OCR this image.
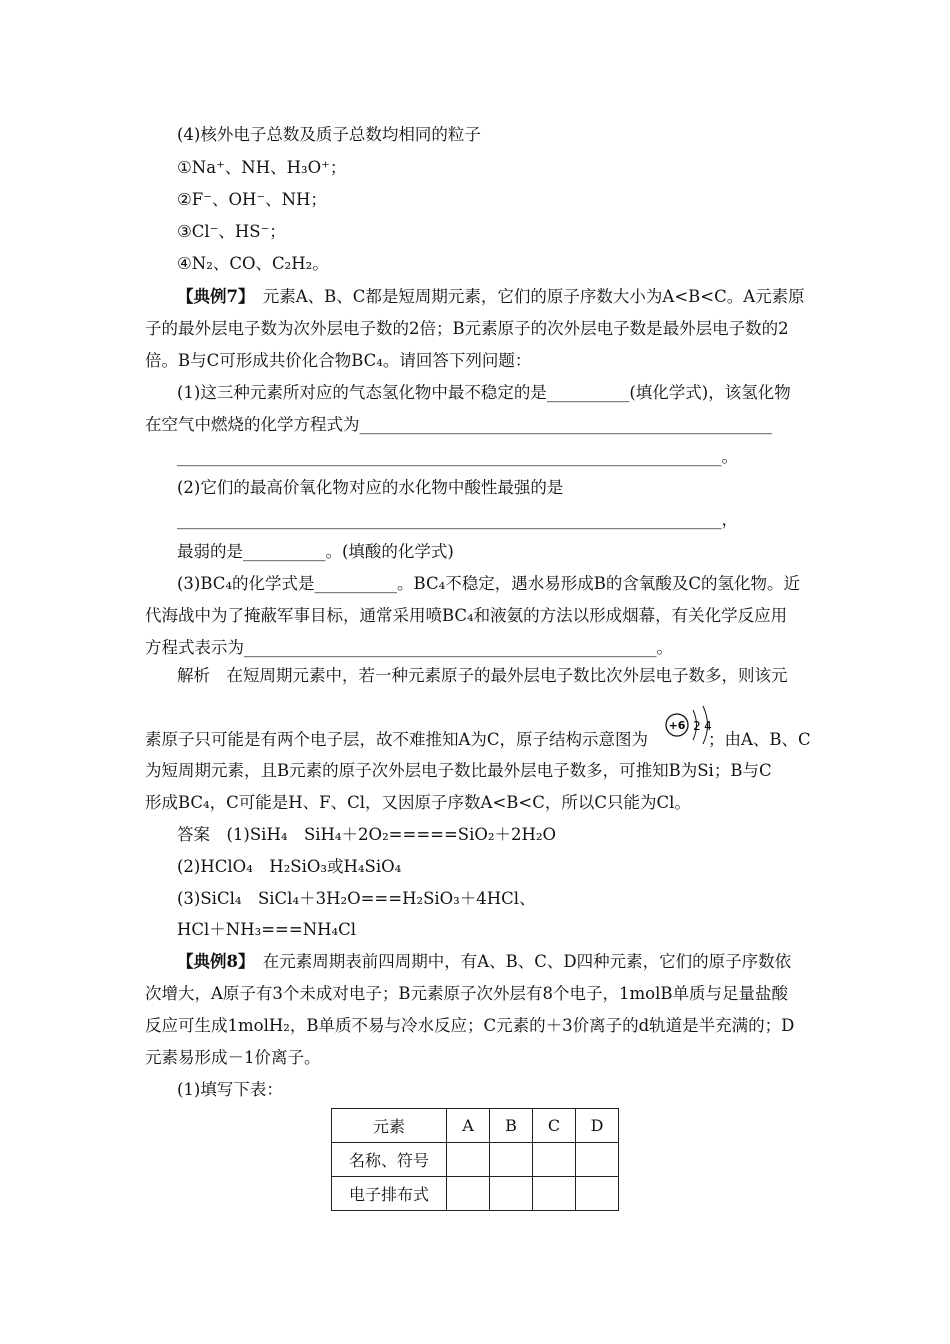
(4)核外电子总数及质子总数均相同的粒子
①Na⁺、NH、H₃O⁺；
②F⁻、OH⁻、NH；
③Cl⁻、HS⁻；
④N₂、CO、C₂H₂。
【典例7】　 元素A、B、C都是短周期元素，它们的原子序数大小为A<B<C。A元素原
子的最外层电子数为次外层电子数的2倍；B元素原子的次外层电子数是最外层电子数的2
倍。B与C可形成共价化合物BC₄。请回答下列问题：
(1)这三种元素所对应的气态氢化物中最不稳定的是__________(填化学式)，该氢化物
在空气中燃烧的化学方程式为__________________________________________________
__________________________________________________________________。
(2)它们的最高价氧化物对应的水化物中酸性最强的是
__________________________________________________________________，
最弱的是__________。(填酸的化学式)
(3)BC₄的化学式是__________。BC₄不稳定，遇水易形成B的含氧酸及C的氢化物。近
代海战中为了掩蔽军事目标，通常采用喷BC₄和液氨的方法以形成烟幕，有关化学反应用
方程式表示为__________________________________________________。
解析　在短周期元素中，若一种元素原子的最外层电子数比次外层电子数多，则该元
素原子只可能是有两个电子层，故不难推知A为C，原子结构示意图为
+6 2 4
；由A、B、C
为短周期元素，且B元素的原子次外层电子数比最外层电子数多，可推知B为Si；B与C
形成BC₄，C可能是H、F、Cl，又因原子序数A<B<C，所以C只能为Cl。
答案　(1)SiH₄　SiH₄＋2O₂=====SiO₂＋2H₂O
(2)HClO₄　H₂SiO₃或H₄SiO₄
(3)SiCl₄　SiCl₄＋3H₂O===H₂SiO₃＋4HCl、
HCl＋NH₃===NH₄Cl
【典例8】　 在元素周期表前四周期中，有A、B、C、D四种元素，它们的原子序数依
次增大，A原子有3个未成对电子；B元素原子次外层有8个电子，1molB单质与足量盐酸
反应可生成1molH₂，B单质不易与冷水反应；C元素的＋3价离子的d轨道是半充满的；D
元素易形成－1价离子。
(1)填写下表：
元素	A	B	C	D
名称、符号				
电子排布式				
